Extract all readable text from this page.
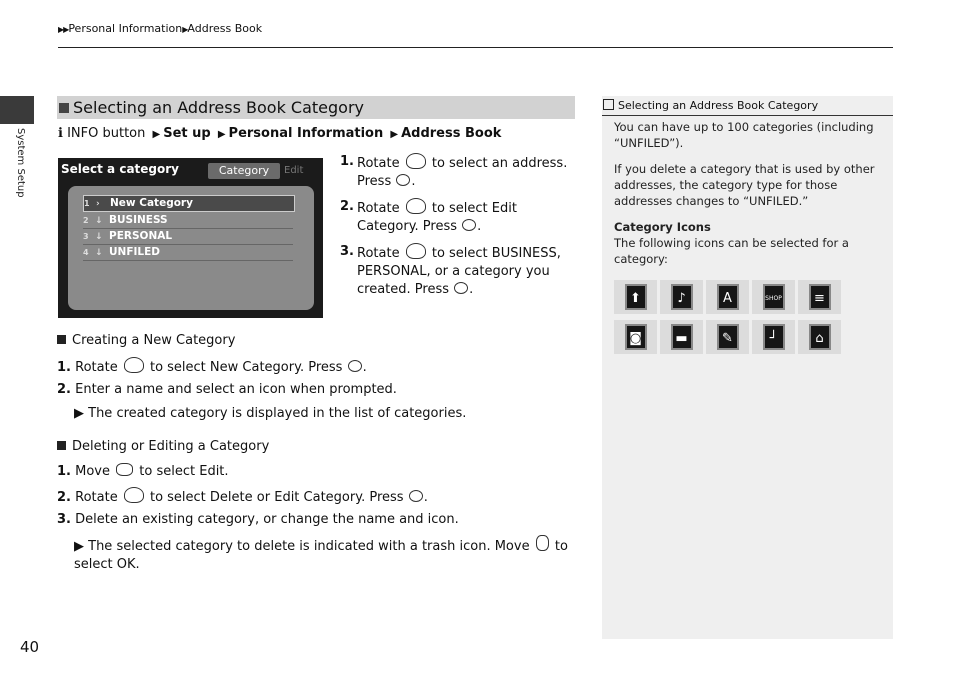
▶▶Personal Information▶Address Book
System Setup
40
Selecting an Address Book Category
ℹ INFO button ▶ Set up ▶ Personal Information ▶ Address Book
Select a category	Category	Edit
1 › New Category
2 ↓ BUSINESS
3 ↓ PERSONAL
4 ↓ UNFILED
1. Rotate to select an address. Press .
2. Rotate to select Edit Category. Press .
3. Rotate to select BUSINESS, PERSONAL, or a category you created. Press .
Creating a New Category
1. Rotate to select New Category. Press .
2. Enter a name and select an icon when prompted.
▶ The created category is displayed in the list of categories.
Deleting or Editing a Category
1. Move to select Edit.
2. Rotate to select Delete or Edit Category. Press .
3. Delete an existing category, or change the name and icon.
▶ The selected category to delete is indicated with a trash icon. Move to select OK.
Selecting an Address Book Category
You can have up to 100 categories (including “UNFILED”).
If you delete a category that is used by other addresses, the category type for those addresses changes to “UNFILED.”
Category Icons
The following icons can be selected for a category:
⬆	♪	A	SHOP	≡
◙	▬	✎	┘	⌂
